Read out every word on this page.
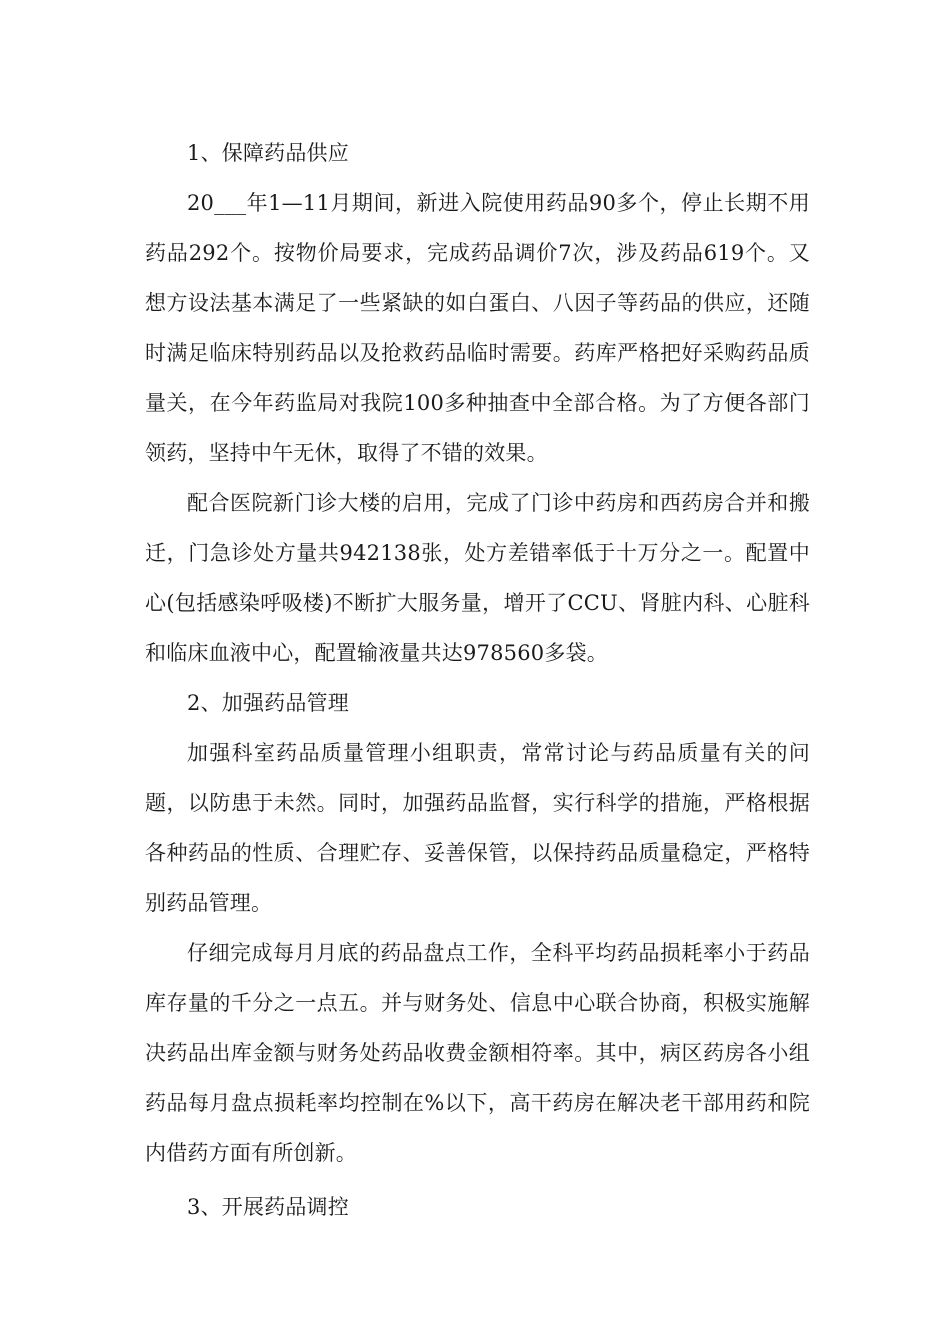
1、保障药品供应

20___年1—11月期间，新进入院使用药品90多个，停止长期不用药品292个。按物价局要求，完成药品调价7次，涉及药品619个。又想方设法基本满足了一些紧缺的如白蛋白、八因子等药品的供应，还随时满足临床特别药品以及抢救药品临时需要。药库严格把好采购药品质量关，在今年药监局对我院100多种抽查中全部合格。为了方便各部门领药，坚持中午无休，取得了不错的效果。

配合医院新门诊大楼的启用，完成了门诊中药房和西药房合并和搬迁，门急诊处方量共942138张，处方差错率低于十万分之一。配置中心(包括感染呼吸楼)不断扩大服务量，增开了CCU、肾脏内科、心脏科和临床血液中心，配置输液量共达978560多袋。

2、加强药品管理

加强科室药品质量管理小组职责，常常讨论与药品质量有关的问题，以防患于未然。同时，加强药品监督，实行科学的措施，严格根据各种药品的性质、合理贮存、妥善保管，以保持药品质量稳定，严格特别药品管理。

仔细完成每月月底的药品盘点工作，全科平均药品损耗率小于药品库存量的千分之一点五。并与财务处、信息中心联合协商，积极实施解决药品出库金额与财务处药品收费金额相符率。其中，病区药房各小组药品每月盘点损耗率均控制在%以下，高干药房在解决老干部用药和院内借药方面有所创新。

3、开展药品调控
